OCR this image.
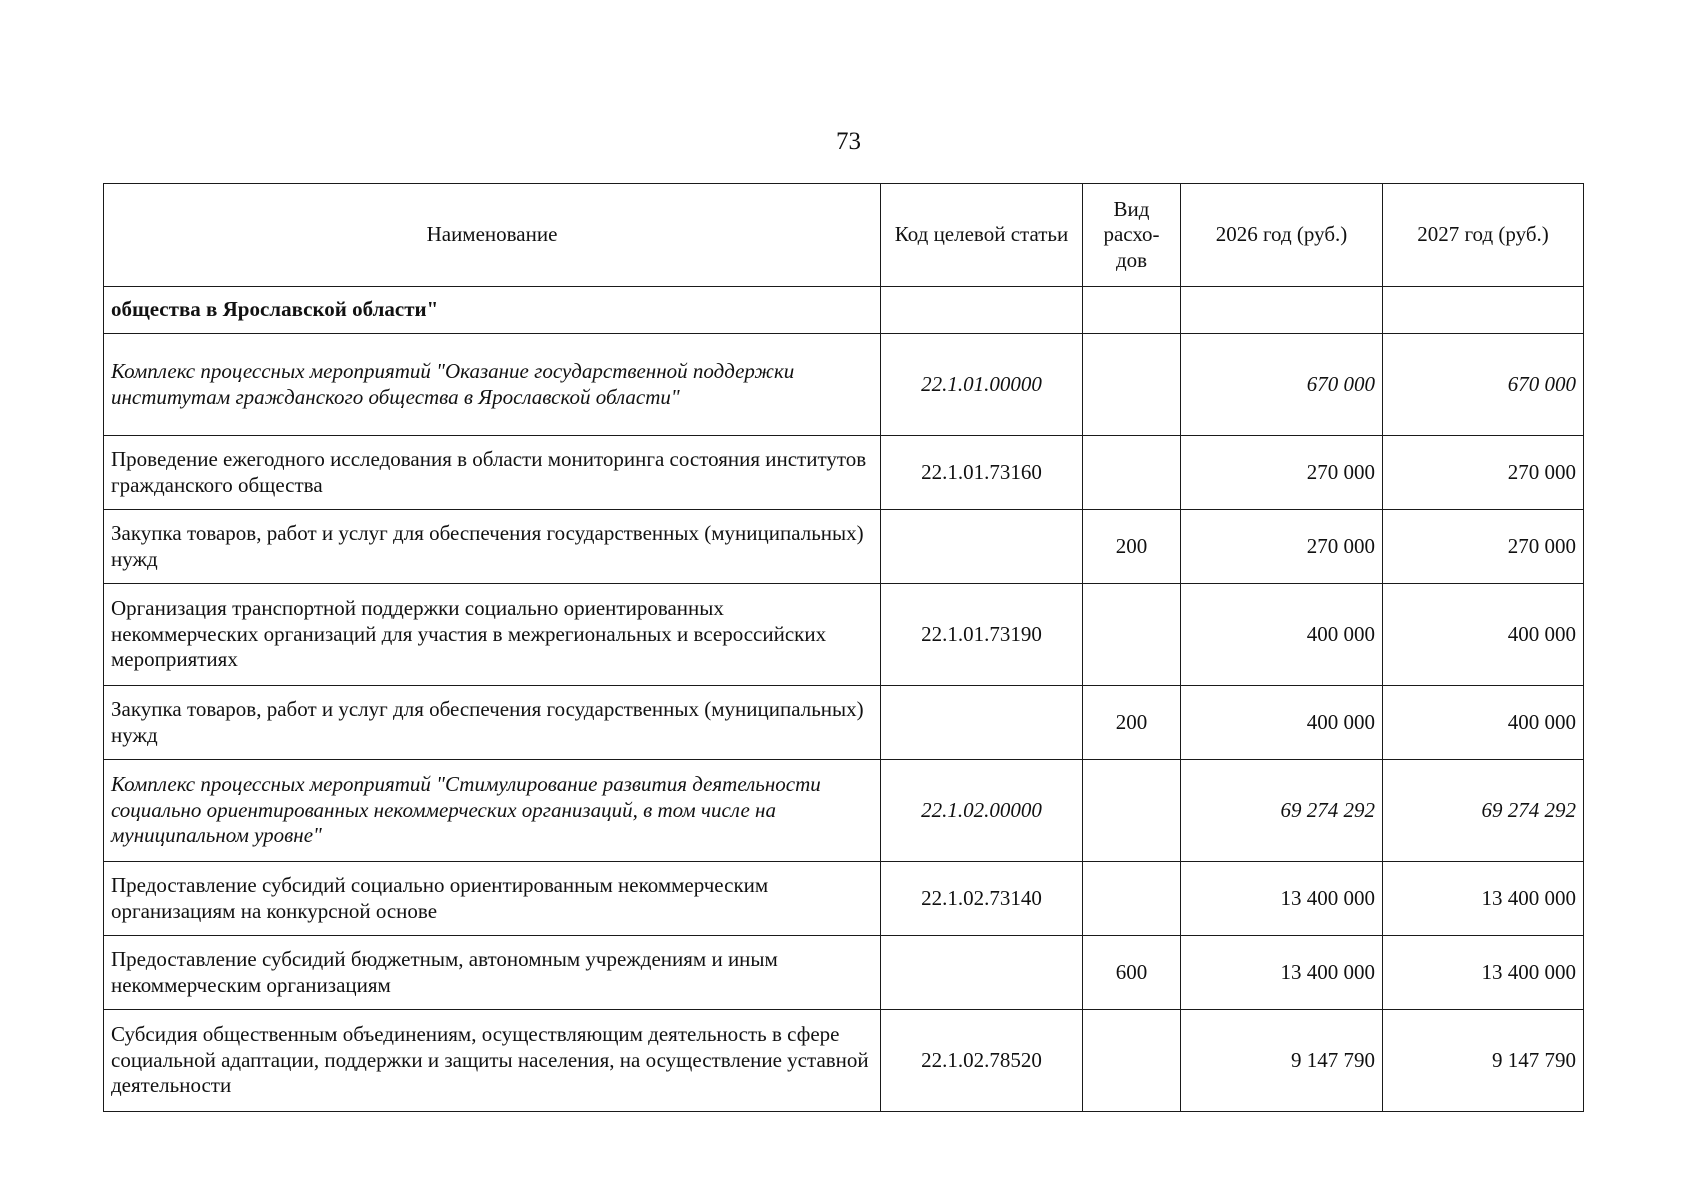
73
Наименование	Код целевой статьи	Вид расхо-дов	2026 год (руб.)	2027 год (руб.)
общества в Ярославской области"				
Комплекс процессных мероприятий "Оказание государственной поддержки институтам гражданского общества в Ярославской области"	22.1.01.00000		670 000	670 000
Проведение ежегодного исследования в области мониторинга состояния институтов гражданского общества	22.1.01.73160		270 000	270 000
Закупка товаров, работ и услуг для обеспечения государственных (муниципальных) нужд		200	270 000	270 000
Организация транспортной поддержки социально ориентированных некоммерческих организаций для участия в межрегиональных и всероссийских мероприятиях	22.1.01.73190		400 000	400 000
Закупка товаров, работ и услуг для обеспечения государственных (муниципальных) нужд		200	400 000	400 000
Комплекс процессных мероприятий "Стимулирование развития деятельности социально ориентированных некоммерческих организаций, в том числе на муниципальном уровне"	22.1.02.00000		69 274 292	69 274 292
Предоставление субсидий социально ориентированным некоммерческим организациям на конкурсной основе	22.1.02.73140		13 400 000	13 400 000
Предоставление субсидий бюджетным, автономным учреждениям и иным некоммерческим организациям		600	13 400 000	13 400 000
Субсидия общественным объединениям, осуществляющим деятельность в сфере социальной адаптации, поддержки и защиты населения, на осуществление уставной деятельности	22.1.02.78520		9 147 790	9 147 790
